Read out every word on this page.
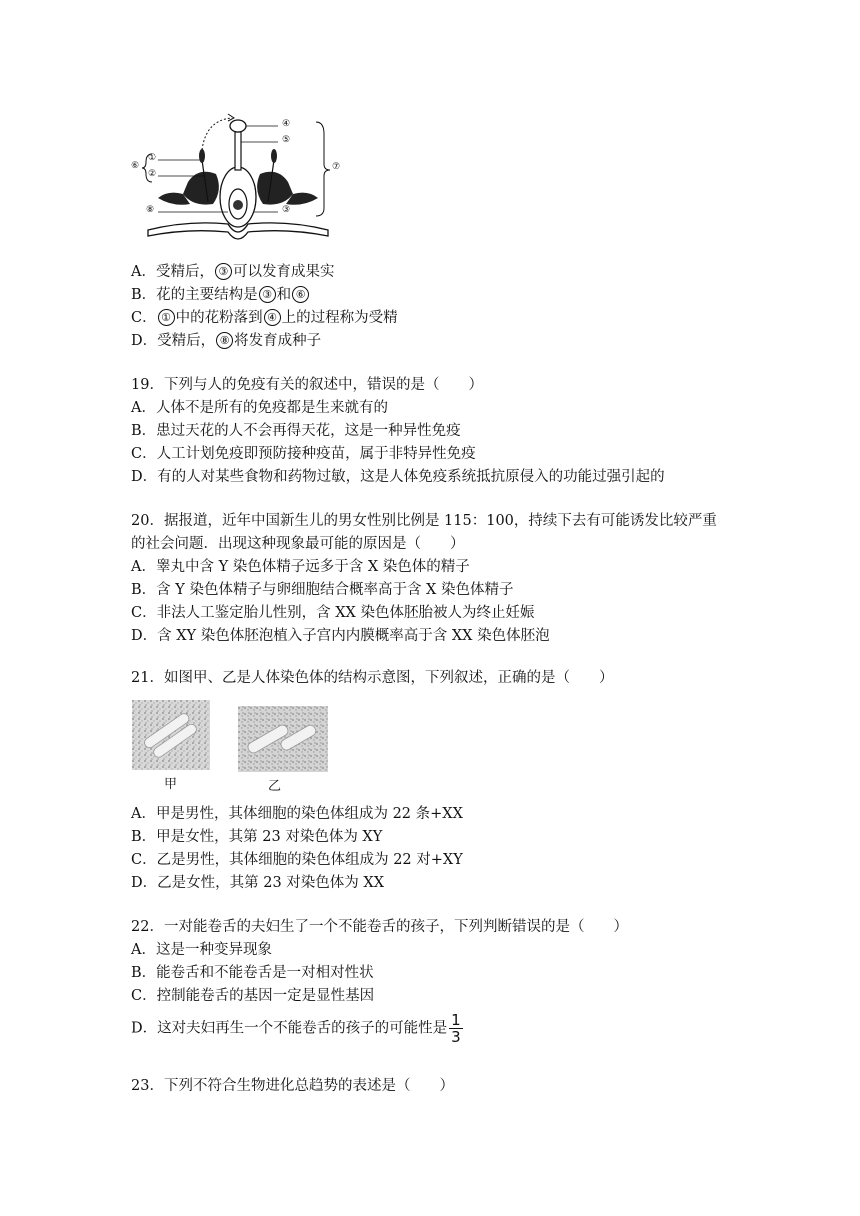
④
⑤
⑦
③
①
②
⑥
⑧
A．受精后， ③ 可以发育成果实
B．花的主要结构是 ③ 和 ⑥
C． ① 中的花粉落到 ④ 上的过程称为受精
D．受精后， ⑧ 将发育成种子
19．下列与人的免疫有关的叙述中，错误的是（　　）
A．人体不是所有的免疫都是生来就有的
B．患过天花的人不会再得天花，这是一种异性免疫
C．人工计划免疫即预防接种疫苗，属于非特异性免疫
D．有的人对某些食物和药物过敏，这是人体免疫系统抵抗原侵入的功能过强引起的
20．据报道，近年中国新生儿的男女性别比例是 115：100，持续下去有可能诱发比较严重
的社会问题．出现这种现象最可能的原因是（　　）
A．睾丸中含 Y 染色体精子远多于含 X 染色体的精子
B．含 Y 染色体精子与卵细胞结合概率高于含 X 染色体精子
C．非法人工鉴定胎儿性别，含 XX 染色体胚胎被人为终止妊娠
D．含 XY 染色体胚泡植入子宫内内膜概率高于含 XX 染色体胚泡
21．如图甲、乙是人体染色体的结构示意图，下列叙述，正确的是（　　）
甲	乙
A．甲是男性，其体细胞的染色体组成为 22 条+XX
B．甲是女性，其第 23 对染色体为 XY
C．乙是男性，其体细胞的染色体组成为 22 对+XY
D．乙是女性，其第 23 对染色体为 XX
22．一对能卷舌的夫妇生了一个不能卷舌的孩子，下列判断错误的是（　　）
A．这是一种变异现象
B．能卷舌和不能卷舌是一对相对性状
C．控制能卷舌的基因一定是显性基因
D．这对夫妇再生一个不能卷舌的孩子的可能性是 $\frac{1}{3}$
23．下列不符合生物进化总趋势的表述是（　　）
